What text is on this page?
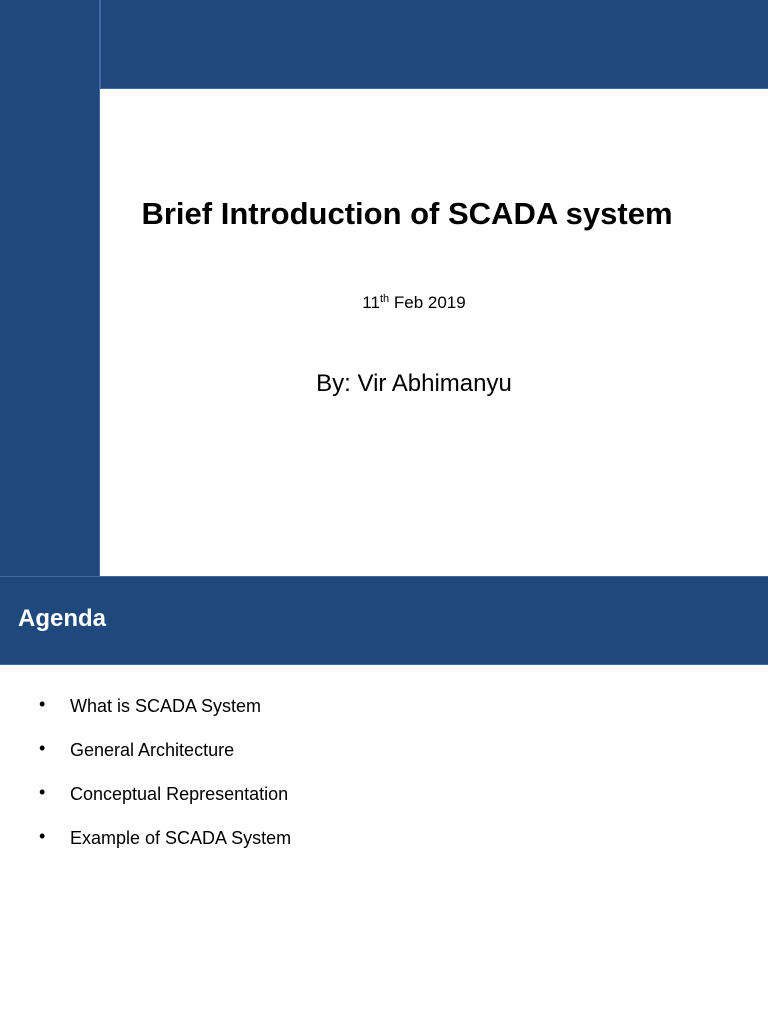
Brief Introduction of SCADA system
11th Feb 2019
By: Vir Abhimanyu
Agenda
• What is SCADA System
• General Architecture
• Conceptual Representation
• Example of SCADA System
